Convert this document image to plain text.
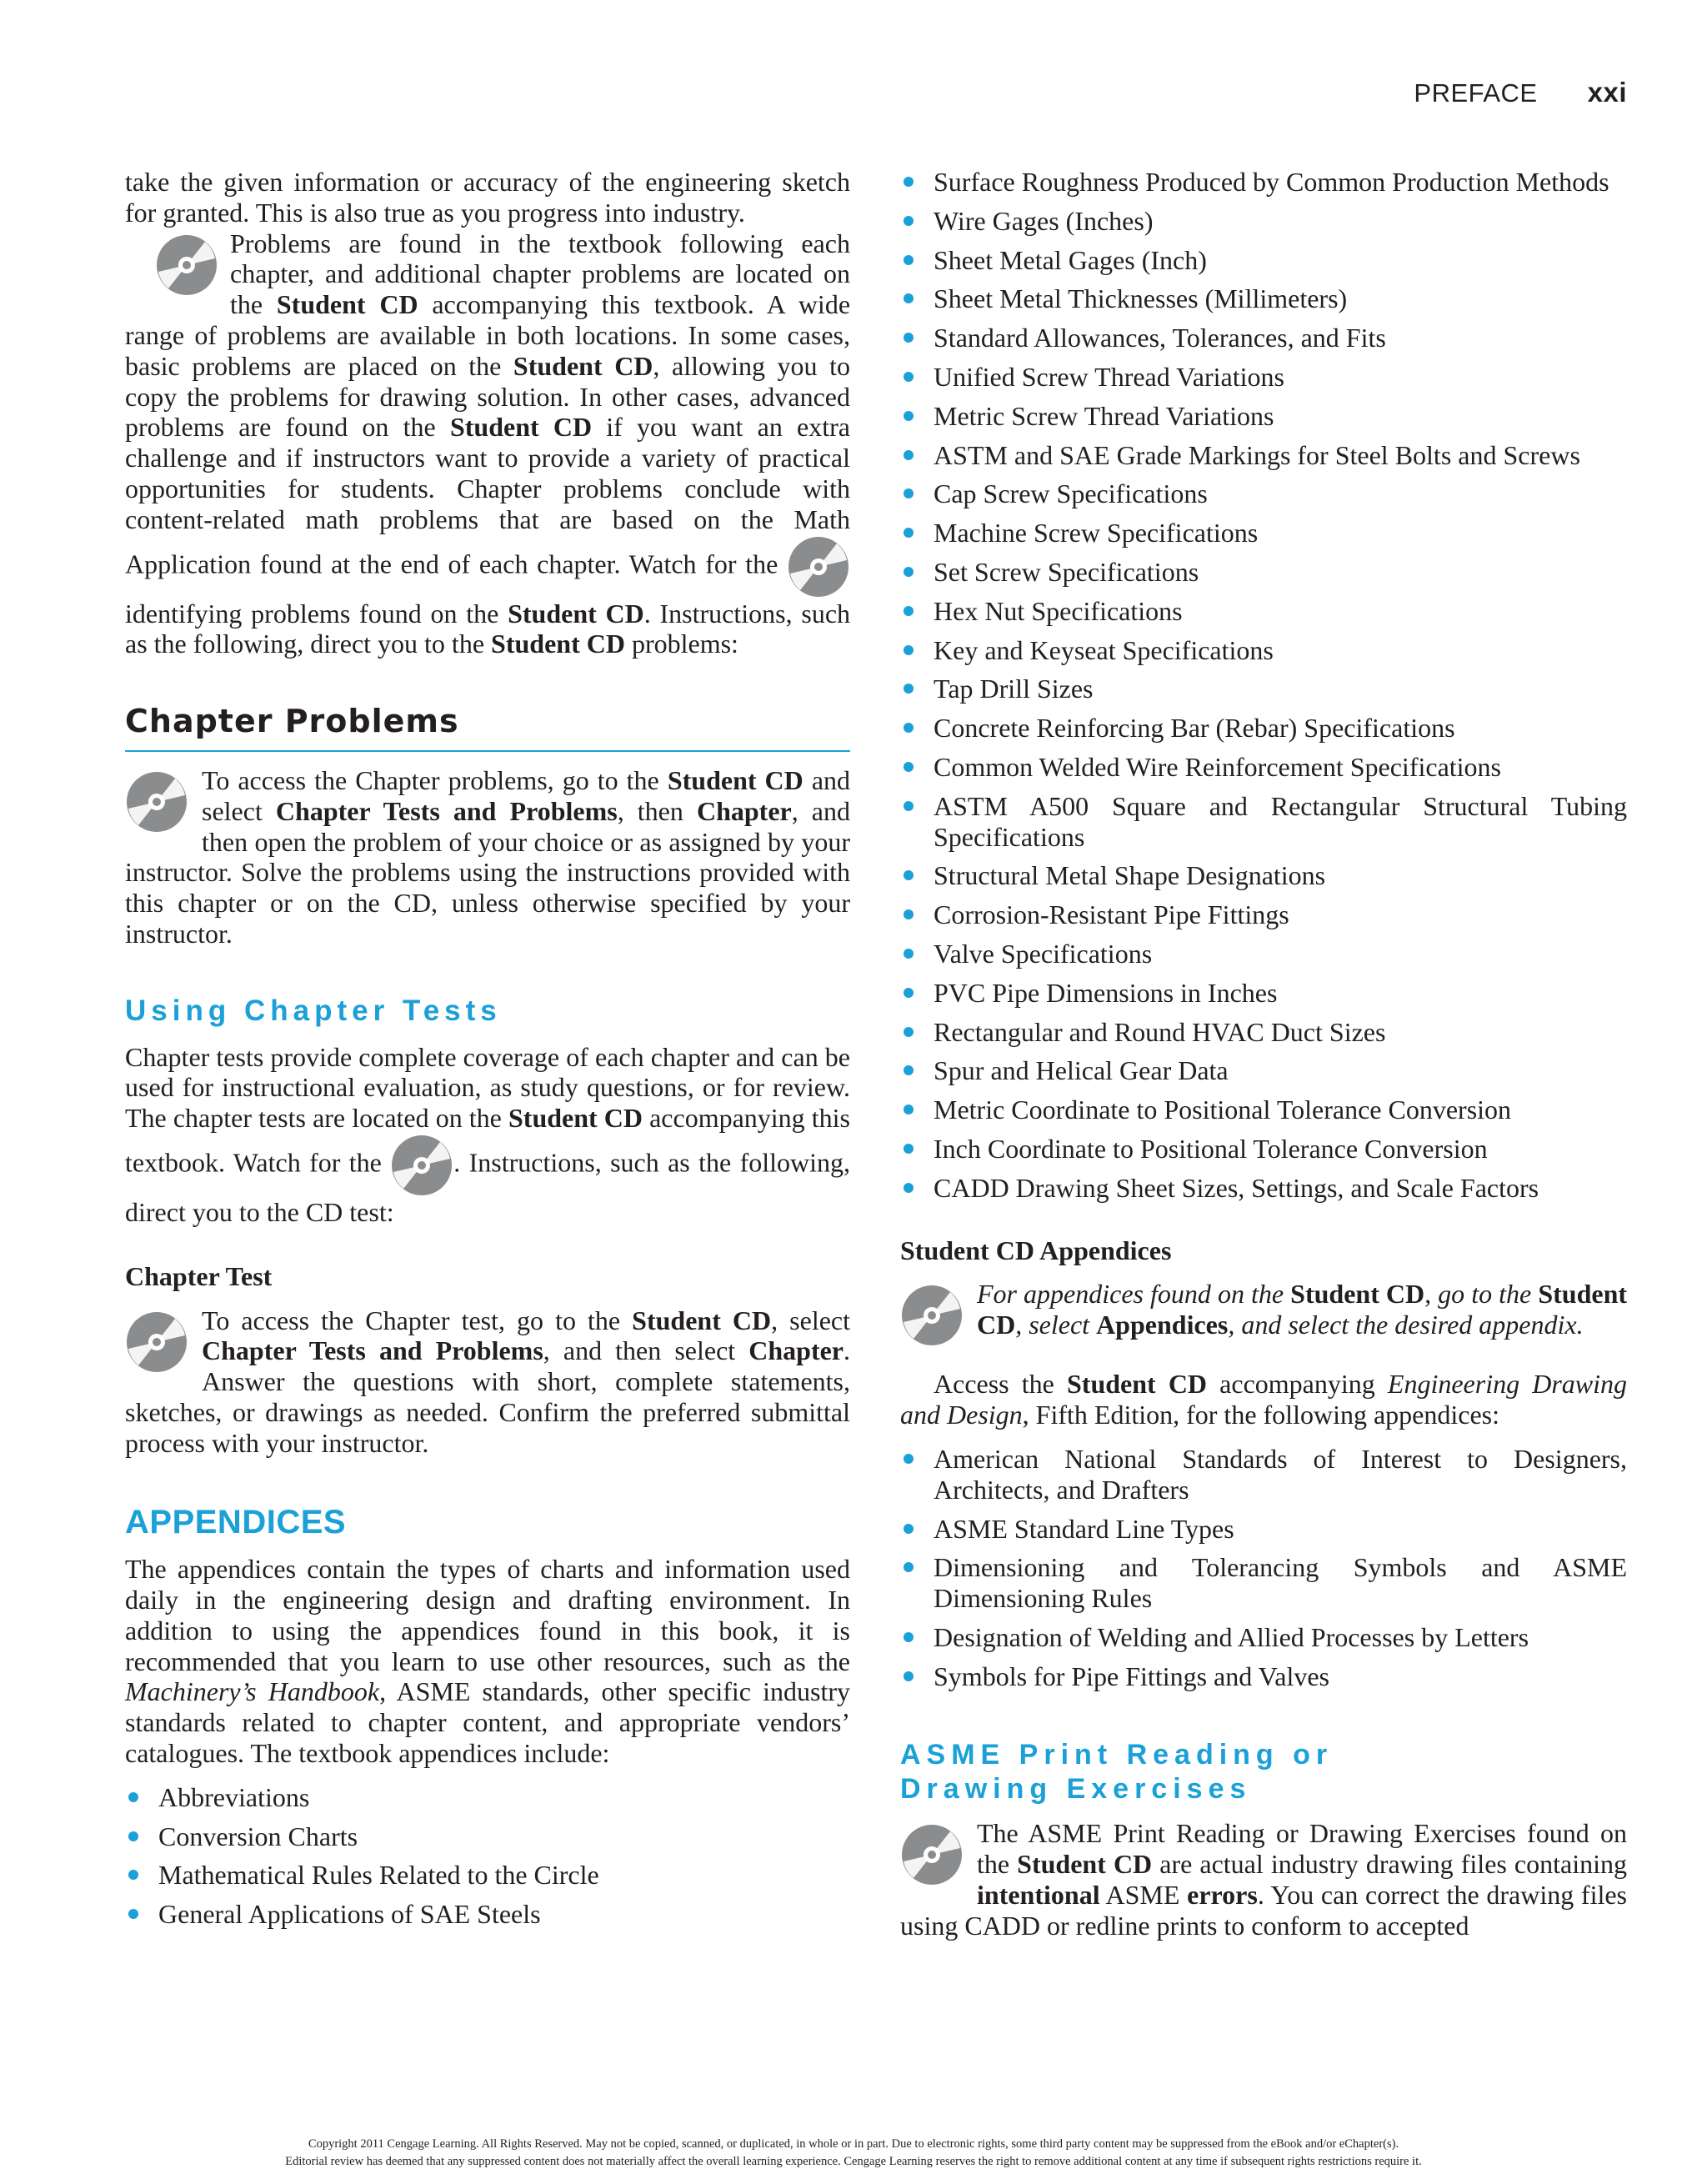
PREFACE xxi

take the given information or accuracy of the engineering sketch for granted. This is also true as you progress into industry.

Problems are found in the textbook following each chapter, and additional chapter problems are located on the Student CD accompanying this textbook. A wide range of problems are available in both locations. In some cases, basic problems are placed on the Student CD, allowing you to copy the problems for drawing solution. In other cases, advanced problems are found on the Student CD if you want an extra challenge and if instructors want to provide a variety of practical opportunities for students. Chapter problems conclude with content-related math problems that are based on the Math Application found at the end of each chapter. Watch for the  identifying problems found on the Student CD. Instructions, such as the following, direct you to the Student CD problems:

Chapter Problems

To access the Chapter problems, go to the Student CD and select Chapter Tests and Problems, then Chapter, and then open the problem of your choice or as assigned by your instructor. Solve the problems using the instructions provided with this chapter or on the CD, unless otherwise specified by your instructor.

Using Chapter Tests

Chapter tests provide complete coverage of each chapter and can be used for instructional evaluation, as study questions, or for review. The chapter tests are located on the Student CD accompanying this textbook. Watch for the . Instructions, such as the following, direct you to the CD test:

Chapter Test

To access the Chapter test, go to the Student CD, select Chapter Tests and Problems, and then select Chapter. Answer the questions with short, complete statements, sketches, or drawings as needed. Confirm the preferred submittal process with your instructor.

APPENDICES

The appendices contain the types of charts and information used daily in the engineering design and drafting environment. In addition to using the appendices found in this book, it is recommended that you learn to use other resources, such as the Machinery’s Handbook, ASME standards, other specific industry standards related to chapter content, and appropriate vendors’ catalogues. The textbook appendices include:

Abbreviations
Conversion Charts
Mathematical Rules Related to the Circle
General Applications of SAE Steels
Surface Roughness Produced by Common Production Methods
Wire Gages (Inches)
Sheet Metal Gages (Inch)
Sheet Metal Thicknesses (Millimeters)
Standard Allowances, Tolerances, and Fits
Unified Screw Thread Variations
Metric Screw Thread Variations
ASTM and SAE Grade Markings for Steel Bolts and Screws
Cap Screw Specifications
Machine Screw Specifications
Set Screw Specifications
Hex Nut Specifications
Key and Keyseat Specifications
Tap Drill Sizes
Concrete Reinforcing Bar (Rebar) Specifications
Common Welded Wire Reinforcement Specifications
ASTM A500 Square and Rectangular Structural Tubing Specifications
Structural Metal Shape Designations
Corrosion-Resistant Pipe Fittings
Valve Specifications
PVC Pipe Dimensions in Inches
Rectangular and Round HVAC Duct Sizes
Spur and Helical Gear Data
Metric Coordinate to Positional Tolerance Conversion
Inch Coordinate to Positional Tolerance Conversion
CADD Drawing Sheet Sizes, Settings, and Scale Factors
Student CD Appendices

For appendices found on the Student CD, go to the Student CD, select Appendices, and select the desired appendix.

Access the Student CD accompanying Engineering Drawing and Design, Fifth Edition, for the following appendices:

American National Standards of Interest to Designers, Architects, and Drafters
ASME Standard Line Types
Dimensioning and Tolerancing Symbols and ASME Dimensioning Rules
Designation of Welding and Allied Processes by Letters
Symbols for Pipe Fittings and Valves
ASME Print Reading or
Drawing Exercises

The ASME Print Reading or Drawing Exercises found on the Student CD are actual industry drawing files containing intentional ASME errors. You can correct the drawing files using CADD or redline prints to conform to accepted

Copyright 2011 Cengage Learning. All Rights Reserved. May not be copied, scanned, or duplicated, in whole or in part. Due to electronic rights, some third party content may be suppressed from the eBook and/or eChapter(s).
Editorial review has deemed that any suppressed content does not materially affect the overall learning experience. Cengage Learning reserves the right to remove additional content at any time if subsequent rights restrictions require it.
